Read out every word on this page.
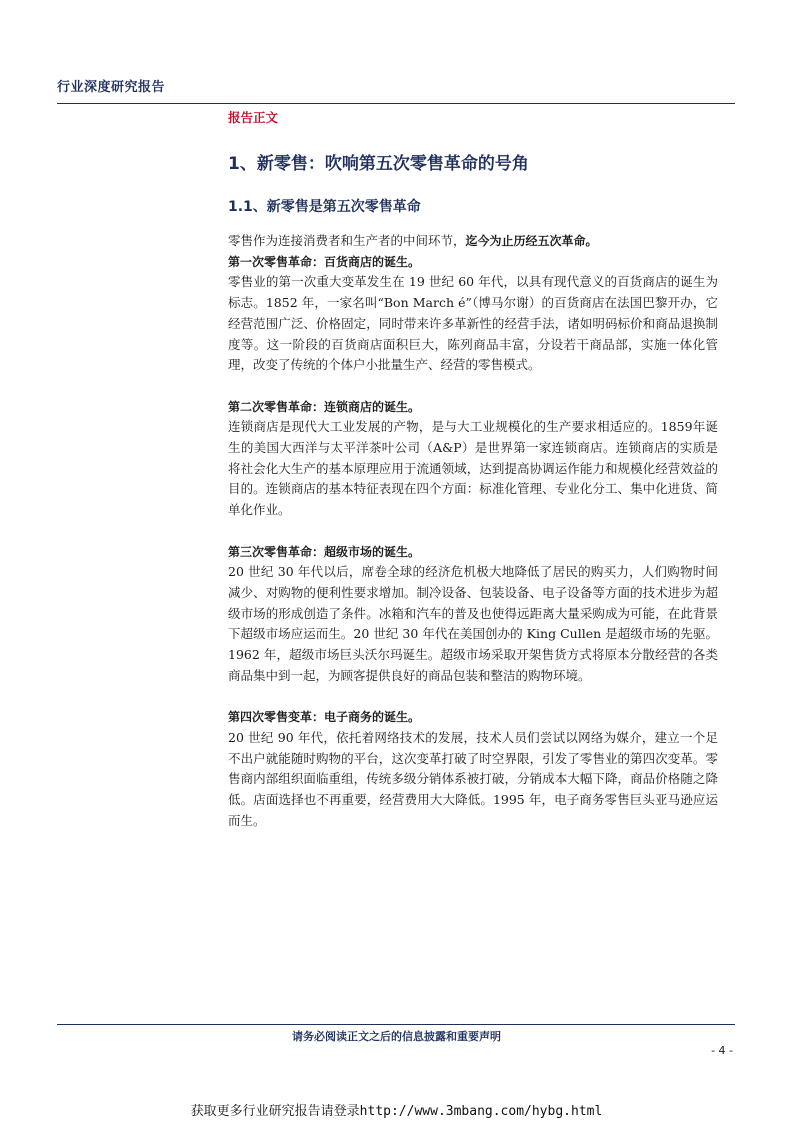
行业深度研究报告
报告正文
1、新零售：吹响第五次零售革命的号角
1.1、新零售是第五次零售革命

零售作为连接消费者和生产者的中间环节，迄今为止历经五次革命。

第一次零售革命：百货商店的诞生。

零售业的第一次重大变革发生在 19 世纪 60 年代，以具有现代意义的百货商店的诞生为标志。1852 年，一家名叫“Bon March é”（博马尔谢）的百货商店在法国巴黎开办，它经营范围广泛、价格固定，同时带来许多革新性的经营手法，诸如明码标价和商品退换制度等。这一阶段的百货商店面积巨大，陈列商品丰富，分设若干商品部，实施一体化管理，改变了传统的个体户小批量生产、经营的零售模式。

第二次零售革命：连锁商店的诞生。

连锁商店是现代大工业发展的产物，是与大工业规模化的生产要求相适应的。1859年诞生的美国大西洋与太平洋茶叶公司（A&P）是世界第一家连锁商店。连锁商店的实质是将社会化大生产的基本原理应用于流通领域，达到提高协调运作能力和规模化经营效益的目的。连锁商店的基本特征表现在四个方面：标准化管理、专业化分工、集中化进货、简单化作业。

第三次零售革命：超级市场的诞生。

20 世纪 30 年代以后，席卷全球的经济危机极大地降低了居民的购买力，人们购物时间减少、对购物的便利性要求增加。制冷设备、包装设备、电子设备等方面的技术进步为超级市场的形成创造了条件。冰箱和汽车的普及也使得远距离大量采购成为可能，在此背景下超级市场应运而生。20 世纪 30 年代在美国创办的 King Cullen 是超级市场的先驱。1962 年，超级市场巨头沃尔玛诞生。超级市场采取开架售货方式将原本分散经营的各类商品集中到一起，为顾客提供良好的商品包装和整洁的购物环境。

第四次零售变革：电子商务的诞生。

20 世纪 90 年代，依托着网络技术的发展，技术人员们尝试以网络为媒介，建立一个足不出户就能随时购物的平台，这次变革打破了时空界限，引发了零售业的第四次变革。零售商内部组织面临重组，传统多级分销体系被打破，分销成本大幅下降，商品价格随之降低。店面选择也不再重要，经营费用大大降低。1995 年，电子商务零售巨头亚马逊应运而生。

请务必阅读正文之后的信息披露和重要声明
- 4 -
获取更多行业研究报告请登录http://www.3mbang.com/hybg.html
